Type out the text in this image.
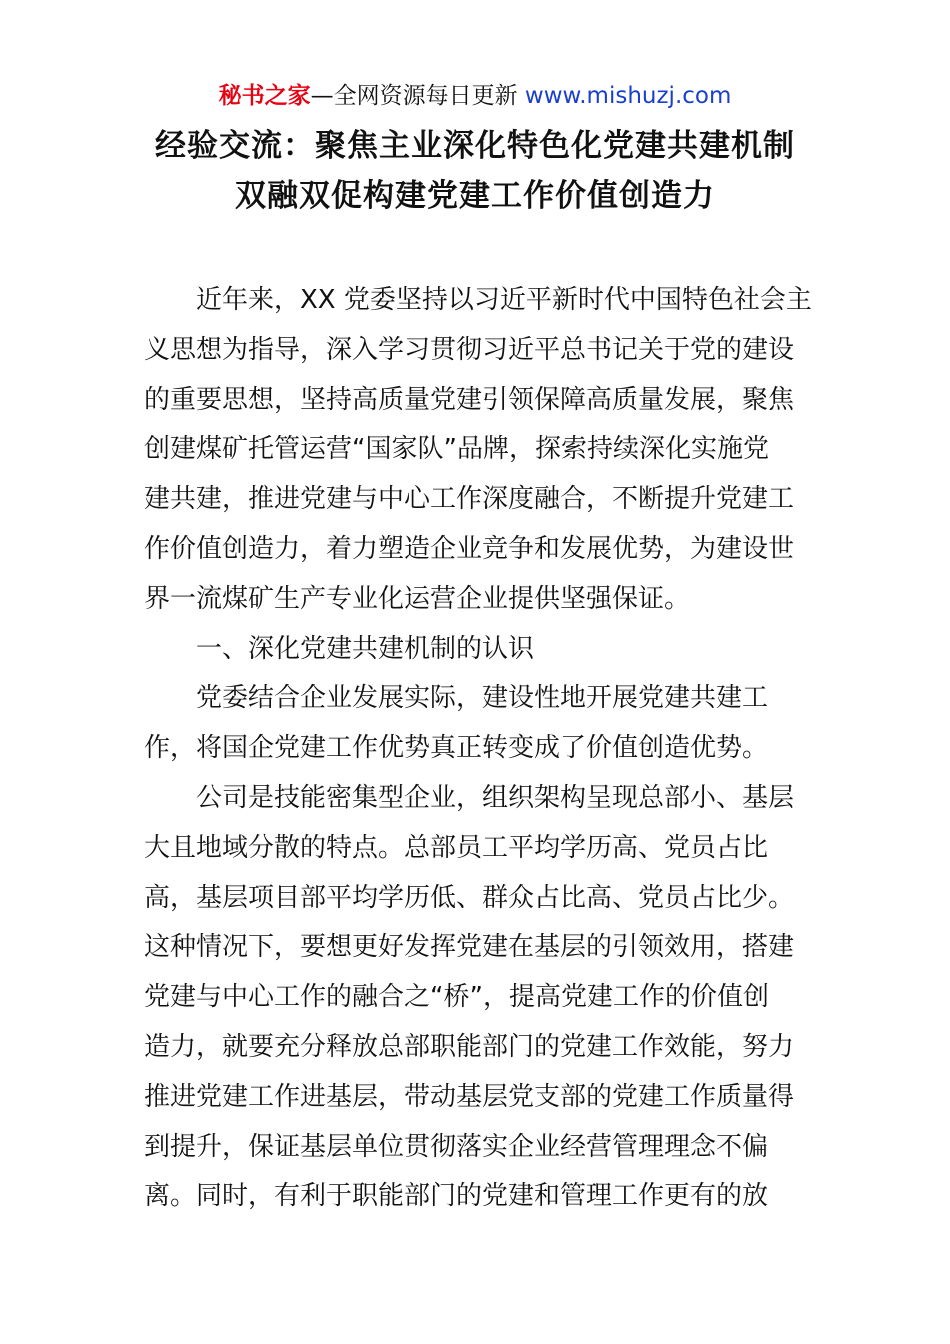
秘书之家—全网资源每日更新 www.mishuzj.com
经验交流：聚焦主业深化特色化党建共建机制
双融双促构建党建工作价值创造力
近年来，XX 党委坚持以习近平新时代中国特色社会主
义思想为指导，深入学习贯彻习近平总书记关于党的建设
的重要思想，坚持高质量党建引领保障高质量发展，聚焦
创建煤矿托管运营“国家队”品牌，探索持续深化实施党
建共建，推进党建与中心工作深度融合，不断提升党建工
作价值创造力，着力塑造企业竞争和发展优势，为建设世
界一流煤矿生产专业化运营企业提供坚强保证。
一、深化党建共建机制的认识
党委结合企业发展实际，建设性地开展党建共建工
作，将国企党建工作优势真正转变成了价值创造优势。
公司是技能密集型企业，组织架构呈现总部小、基层
大且地域分散的特点。总部员工平均学历高、党员占比
高，基层项目部平均学历低、群众占比高、党员占比少。
这种情况下，要想更好发挥党建在基层的引领效用，搭建
党建与中心工作的融合之“桥”，提高党建工作的价值创
造力，就要充分释放总部职能部门的党建工作效能，努力
推进党建工作进基层，带动基层党支部的党建工作质量得
到提升，保证基层单位贯彻落实企业经营管理理念不偏
离。同时，有利于职能部门的党建和管理工作更有的放
